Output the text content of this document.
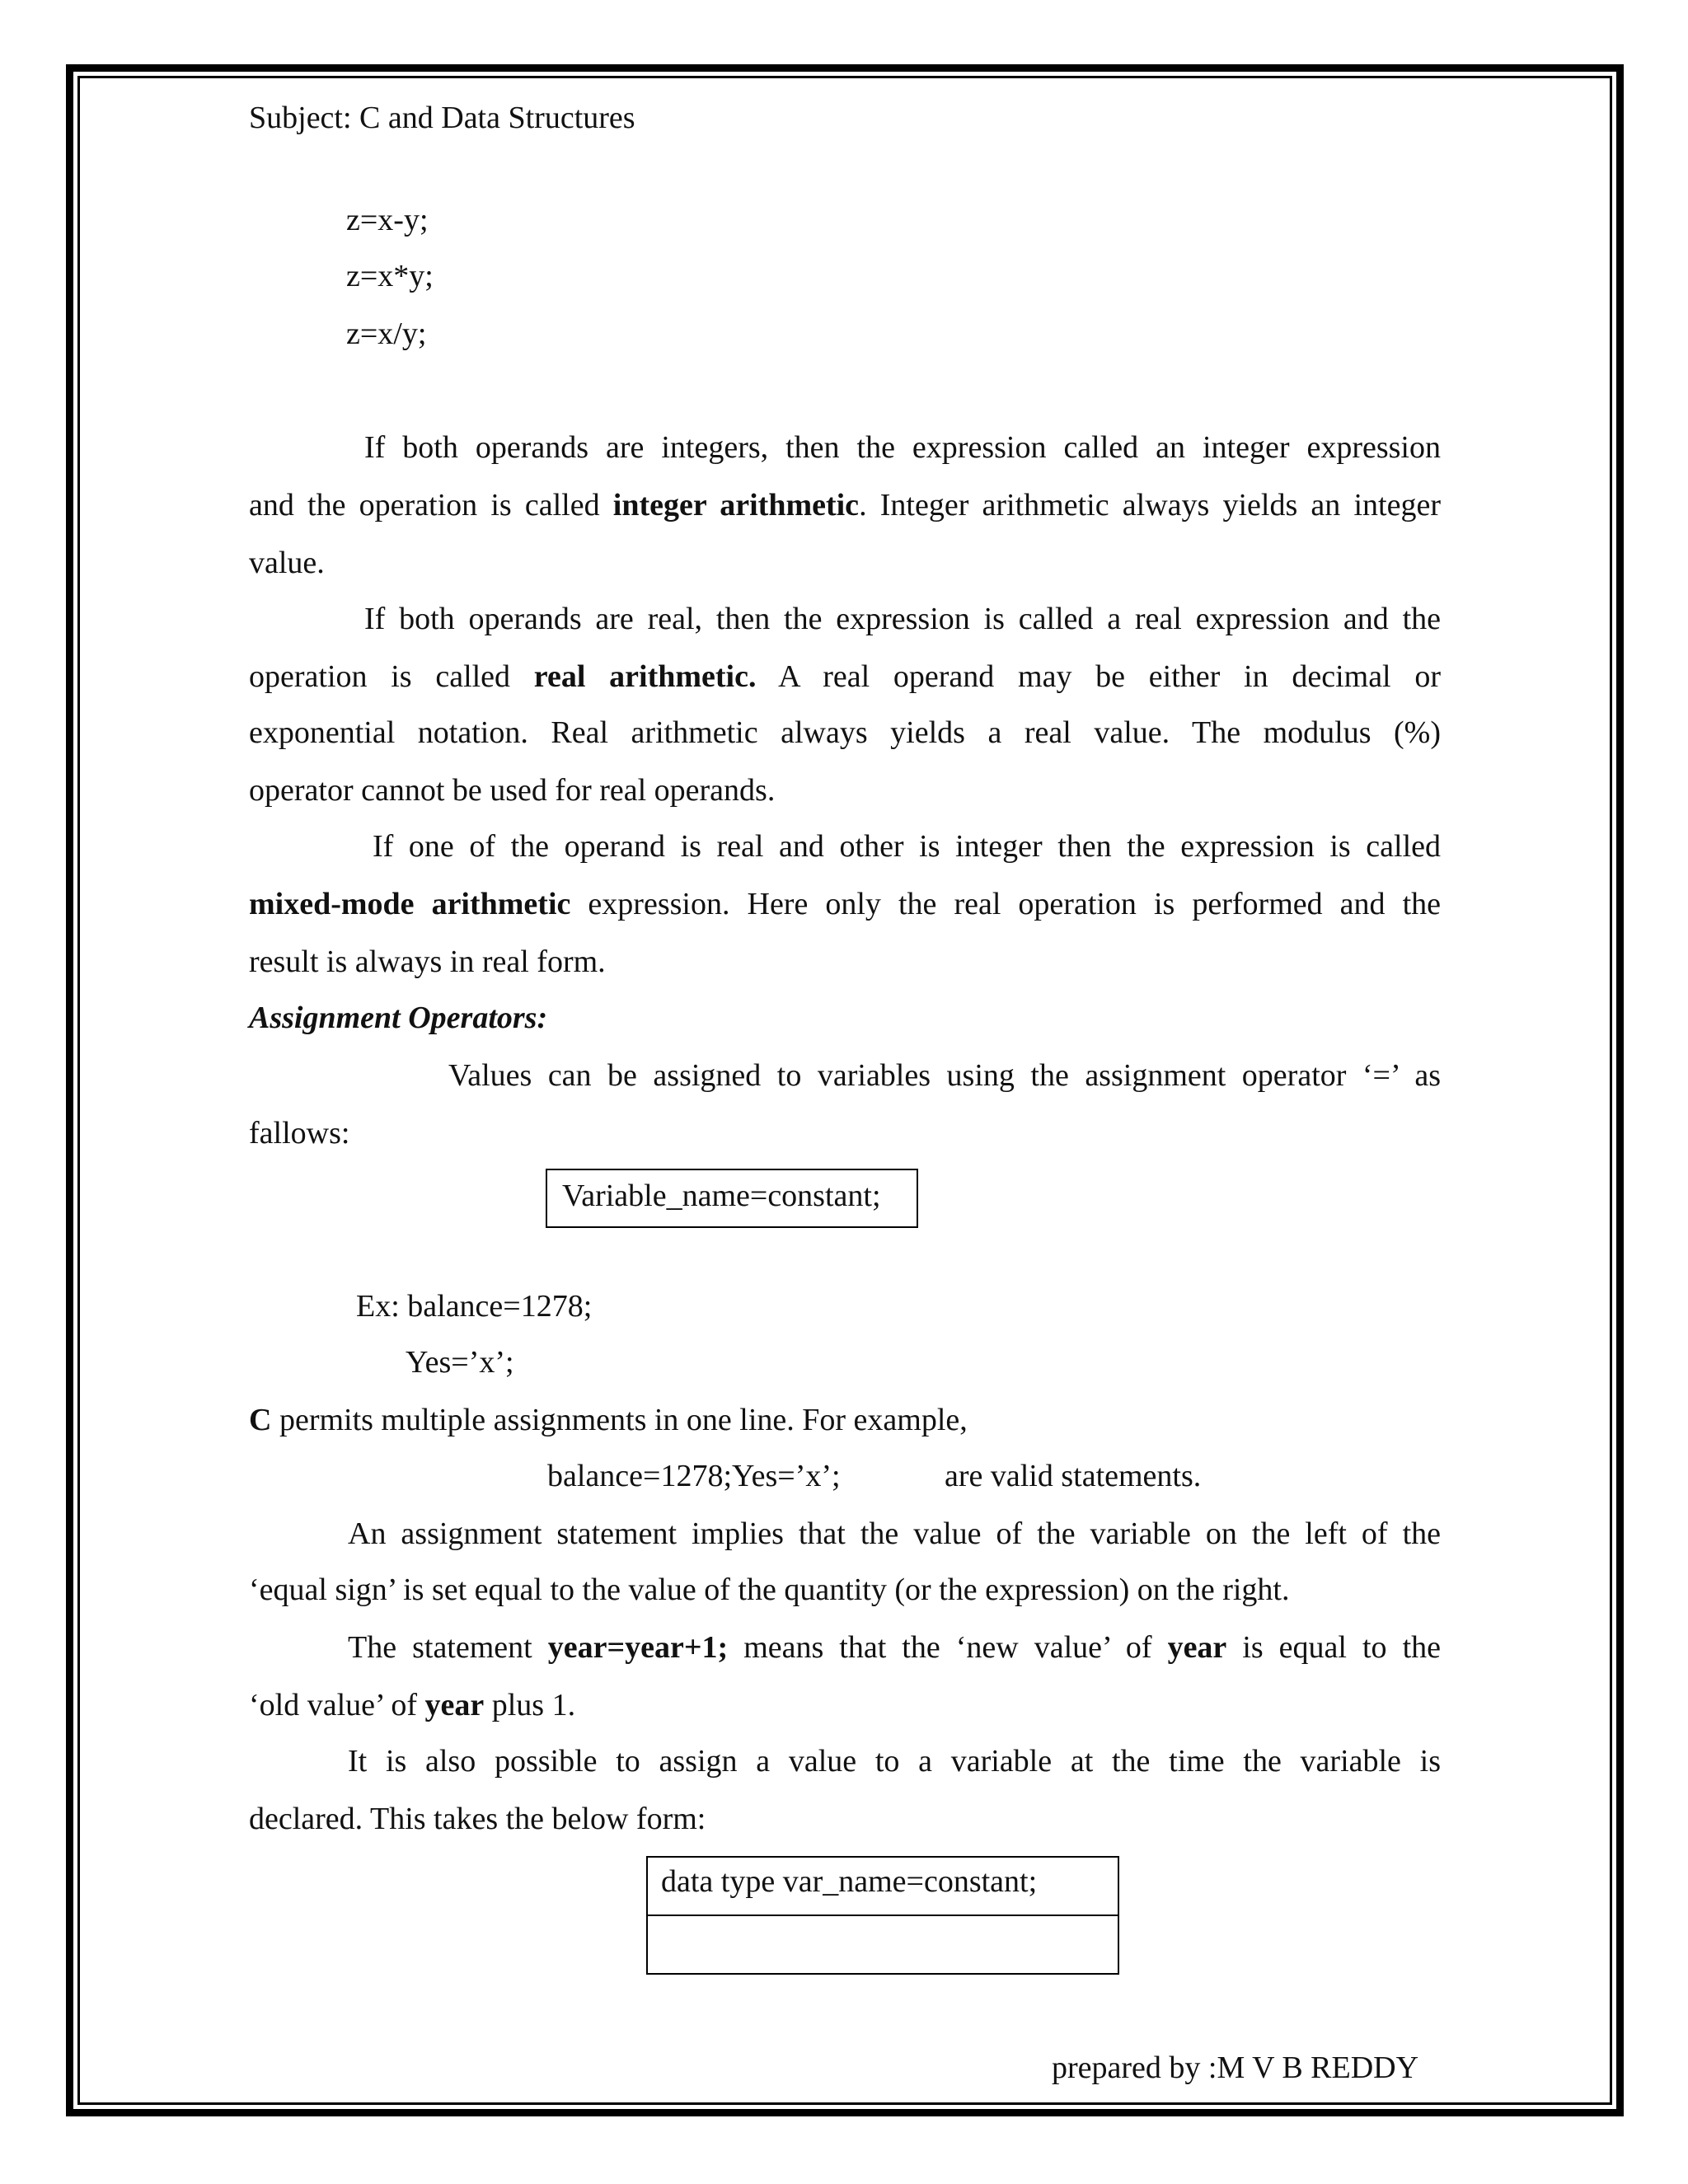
Subject: C and Data Structures
z=x-y;
z=x*y;
z=x/y;
If both operands are integers, then the expression called an integer expression
and the operation is called integer arithmetic. Integer arithmetic always yields an integer
value.
If both operands are real, then the expression is called a real expression and the
operation is called real arithmetic. A real operand may be either in decimal or
exponential notation. Real arithmetic always yields a real value. The modulus (%)
operator cannot be used for real operands.
If one of the operand is real and other is integer then the expression is called
mixed-mode arithmetic expression. Here only the real operation is performed and the
result is always in real form.
Assignment Operators:
Values can be assigned to variables using the assignment operator ‘=’ as
fallows:
Variable_name=constant;
Ex: balance=1278;
Yes=’x’;
C permits multiple assignments in one line. For example,
balance=1278;Yes=’x’;	are valid statements.
An assignment statement implies that the value of the variable on the left of the
‘equal sign’ is set equal to the value of the quantity (or the expression) on the right.
The statement year=year+1; means that the ‘new value’ of year is equal to the
‘old value’ of year plus 1.
It is also possible to assign a value to a variable at the time the variable is
declared. This takes the below form:
data type var_name=constant;
prepared by :M V B REDDY
